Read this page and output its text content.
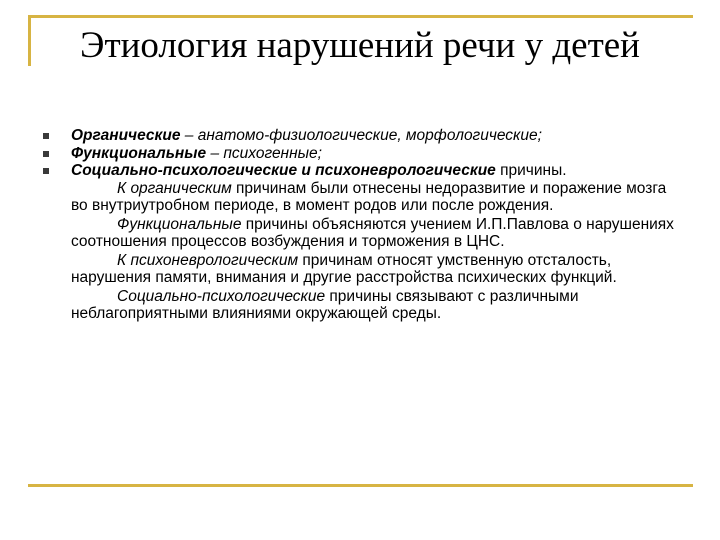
Этиология нарушений речи у детей
Органические – анатомо-физиологические, морфологические;
Функциональные – психогенные;
Социально-психологические и психоневрологические причины.
К органическим причинам были отнесены недоразвитие и поражение мозга во внутриутробном периоде, в момент родов или после рождения.
Функциональные причины объясняются учением И.П.Павлова о нарушениях соотношения процессов возбуждения и торможения в ЦНС.
К психоневрологическим причинам относят умственную отсталость, нарушения памяти, внимания и другие расстройства психических функций.
Социально-психологические причины связывают с различными неблагоприятными влияниями окружающей среды.
